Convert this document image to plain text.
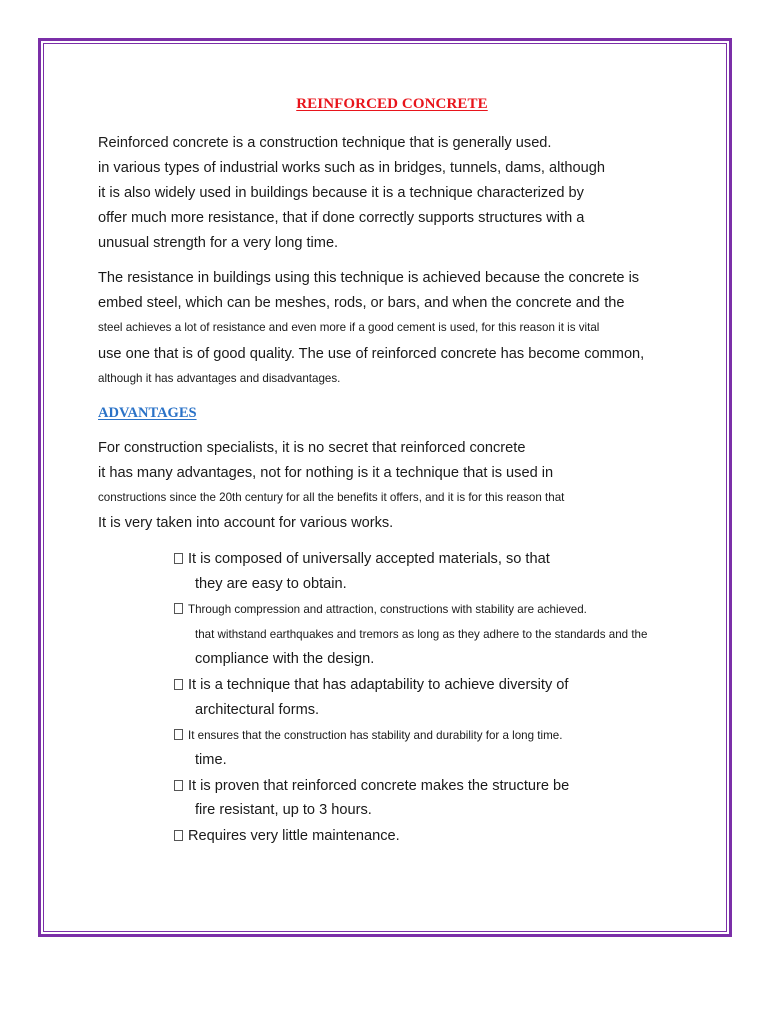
REINFORCED CONCRETE
Reinforced concrete is a construction technique that is generally used.
in various types of industrial works such as in bridges, tunnels, dams, although
it is also widely used in buildings because it is a technique characterized by
offer much more resistance, that if done correctly supports structures with a
unusual strength for a very long time.
The resistance in buildings using this technique is achieved because the concrete is
embed steel, which can be meshes, rods, or bars, and when the concrete and the
steel achieves a lot of resistance and even more if a good cement is used, for this reason it is vital
use one that is of good quality. The use of reinforced concrete has become common,
although it has advantages and disadvantages.
ADVANTAGES
For construction specialists, it is no secret that reinforced concrete
it has many advantages, not for nothing is it a technique that is used in
constructions since the 20th century for all the benefits it offers, and it is for this reason that
It is very taken into account for various works.
It is composed of universally accepted materials, so that
they are easy to obtain.
Through compression and attraction, constructions with stability are achieved.
that withstand earthquakes and tremors as long as they adhere to the standards and the
compliance with the design.
It is a technique that has adaptability to achieve diversity of
architectural forms.
It ensures that the construction has stability and durability for a long time.
time.
It is proven that reinforced concrete makes the structure be
fire resistant, up to 3 hours.
Requires very little maintenance.
